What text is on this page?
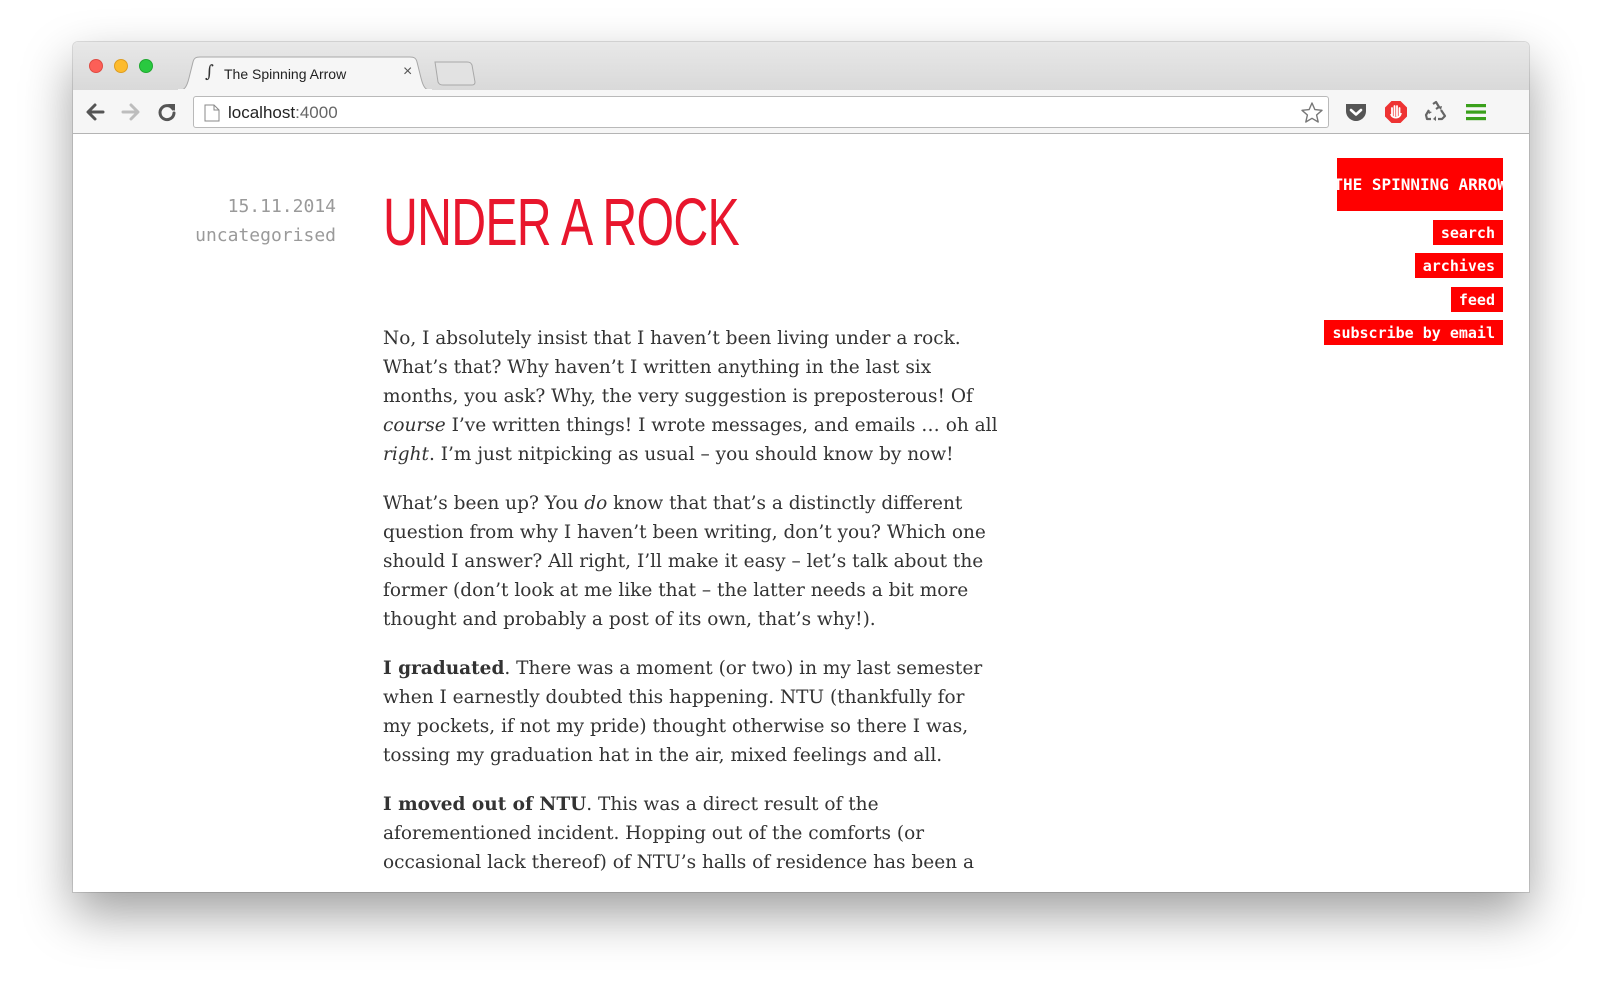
∫ The Spinning Arrow	×
localhost:4000
15.11.2014
uncategorised UNDER A ROCK

No, I absolutely insist that I haven’t been living under a rock.
What’s that? Why haven’t I written anything in the last six
months, you ask? Why, the very suggestion is preposterous! Of
course I’ve written things! I wrote messages, and emails … oh all
right. I’m just nitpicking as usual – you should know by now!

What’s been up? You do know that that’s a distinctly different
question from why I haven’t been writing, don’t you? Which one
should I answer? All right, I’ll make it easy – let’s talk about the
former (don’t look at me like that – the latter needs a bit more
thought and probably a post of its own, that’s why!).

I graduated. There was a moment (or two) in my last semester
when I earnestly doubted this happening. NTU (thankfully for
my pockets, if not my pride) thought otherwise so there I was,
tossing my graduation hat in the air, mixed feelings and all.

I moved out of NTU. This was a direct result of the
aforementioned incident. Hopping out of the comforts (or
occasional lack thereof) of NTU’s halls of residence has been a

THE SPINNING ARROW
search
archives
feed
subscribe by email
